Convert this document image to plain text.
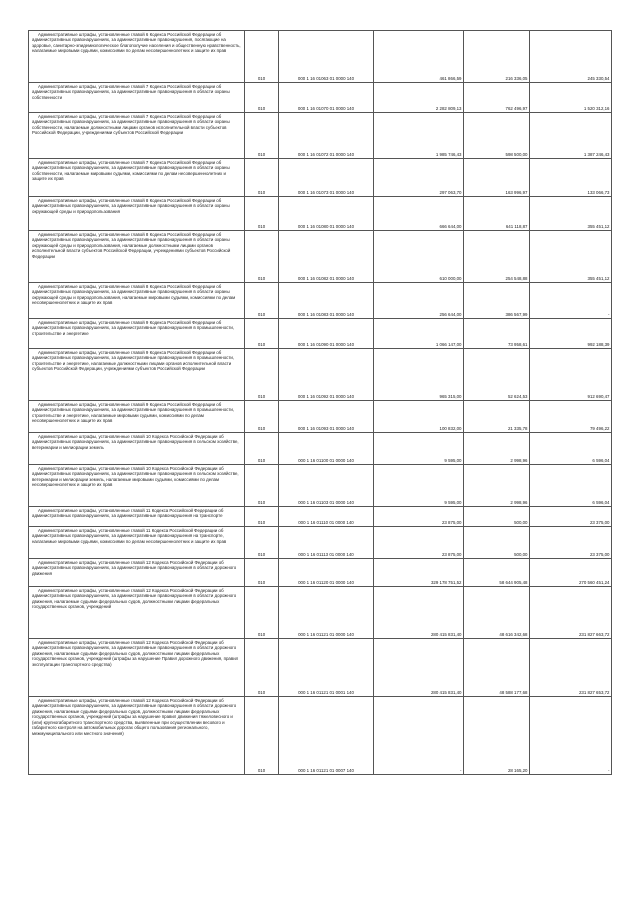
Административные штрафы, установленные главой 6 Кодекса Российской Федерации об административных правонарушениях, за административные правонарушения, посягающие на здоровье, санитарно-эпидемиологическое благополучие населения и общественную нравственность, налагаемые мировыми судьями, комиссиями по делам несовершеннолетних и защите их прав	010	000 1 16 01063 01 0000 140	461 866,59	216 336,05	245 330,54
Административные штрафы, установленные главой 7 Кодекса Российской Федерации об административных правонарушениях, за административные правонарушения в области охраны собственности	010	000 1 16 01070 01 0000 140	2 282 809,13	762 496,97	1 520 312,16
Административные штрафы, установленные главой 7 Кодекса Российской Федерации об административных правонарушениях, за административные правонарушения в области охраны собственности, налагаемые должностными лицами органов исполнительной власти субъектов Российской Федерации, учреждениями субъектов Российской Федерации	010	000 1 16 01072 01 0000 140	1 985 746,43	598 500,00	1 387 246,43
Административные штрафы, установленные главой 7 Кодекса Российской Федерации об административных правонарушениях, за административные правонарушения в области охраны собственности, налагаемые мировыми судьями, комиссиями по делам несовершеннолетних и защите их прав	010	000 1 16 01073 01 0000 140	297 063,70	163 996,97	133 066,73
Административные штрафы, установленные главой 8 Кодекса Российской Федерации об административных правонарушениях, за административные правонарушения в области охраны окружающей среды и природопользования	010	000 1 16 01080 01 0000 140	666 644,00	641 118,87	355 451,12
Административные штрафы, установленные главой 8 Кодекса Российской Федерации об административных правонарушениях, за административные правонарушения в области охраны окружающей среды и природопользования, налагаемые должностными лицами органов исполнительной власти субъектов Российской Федерации, учреждениями субъектов Российской Федерации	010	000 1 16 01082 01 0000 140	610 000,00	254 548,88	355 451,12
Административные штрафы, установленные главой 8 Кодекса Российской Федерации об административных правонарушениях, за административные правонарушения в области охраны окружающей среды и природопользования, налагаемые мировыми судьями, комиссиями по делам несовершеннолетних и защите их прав	010	000 1 16 01083 01 0000 140	256 644,00	386 567,99	-
Административные штрафы, установленные главой 9 Кодекса Российской Федерации об административных правонарушениях, за административные правонарушения в промышленности, строительстве и энергетике	010	000 1 16 01090 01 0000 140	1 066 147,00	73 958,61	992 188,39
Административные штрафы, установленные главой 9 Кодекса Российской Федерации об административных правонарушениях, за административные правонарушения в промышленности, строительстве и энергетике, налагаемые должностными лицами органов исполнительной власти субъектов Российской Федерации, учреждениями субъектов Российской Федерации	010	000 1 16 01092 01 0000 140	965 315,00	52 624,53	912 690,47
Административные штрафы, установленные главой 9 Кодекса Российской Федерации об административных правонарушениях, за административные правонарушения в промышленности, строительстве и энергетике, налагаемые мировыми судьями, комиссиями по делам несовершеннолетних и защите их прав	010	000 1 16 01093 01 0000 140	100 832,00	21 335,78	79 496,22
Административные штрафы, установленные главой 10 Кодекса Российской Федерации об административных правонарушениях, за административные правонарушения в сельском хозяйстве, ветеринарии и мелиорации земель	010	000 1 16 01100 01 0000 140	9 595,00	2 998,96	6 596,04
Административные штрафы, установленные главой 10 Кодекса Российской Федерации об административных правонарушениях, за административные правонарушения в сельском хозяйстве, ветеринарии и мелиорации земель, налагаемые мировыми судьями, комиссиями по делам несовершеннолетних и защите их прав	010	000 1 16 01103 01 0000 140	9 595,00	2 998,96	6 596,04
Административные штрафы, установленные главой 11 Кодекса Российской Федерации об административных правонарушениях, за административные правонарушения на транспорте	010	000 1 16 01110 01 0000 140	23 875,00	500,00	23 375,00
Административные штрафы, установленные главой 11 Кодекса Российской Федерации об административных правонарушениях, за административные правонарушения на транспорте, налагаемые мировыми судьями, комиссиями по делам несовершеннолетних и защите их прав	010	000 1 16 01113 01 0000 140	23 875,00	500,00	23 375,00
Административные штрафы, установленные главой 12 Кодекса Российской Федерации об административных правонарушениях, за административные правонарушения в области дорожного движения	010	000 1 16 01120 01 0000 140	329 178 751,52	58 644 905,48	270 560 451,24
Административные штрафы, установленные главой 12 Кодекса Российской Федерации об административных правонарушениях, за административные правонарушения в области дорожного движения, налагаемые судьями федеральных судов, должностными лицами федеральных государственных органов, учреждений	010	000 1 16 01121 01 0000 140	280 415 831,40	48 616 342,68	231 827 663,72
Административные штрафы, установленные главой 12 Кодекса Российской Федерации об административных правонарушениях, за административные правонарушения в области дорожного движения, налагаемые судьями федеральных судов, должностными лицами федеральных государственных органов, учреждений (штрафы за нарушение Правил дорожного движения, правил эксплуатации транспортного средства)	010	000 1 16 01121 01 0001 140	280 415 831,40	48 588 177,68	231 827 653,72
Административные штрафы, установленные главой 12 Кодекса Российской Федерации об административных правонарушениях, за административные правонарушения в области дорожного движения, налагаемые судьями федеральных судов, должностными лицами федеральных государственных органов, учреждений (штрафы за нарушение правил движения тяжеловесного и (или) крупногабаритного транспортного средства, выявленные при осуществлении весового и габаритного контроля на автомобильных дорогах общего пользования регионального, межмуниципального или местного значения)	010	000 1 16 01121 01 0007 140	-	28 165,20	-
